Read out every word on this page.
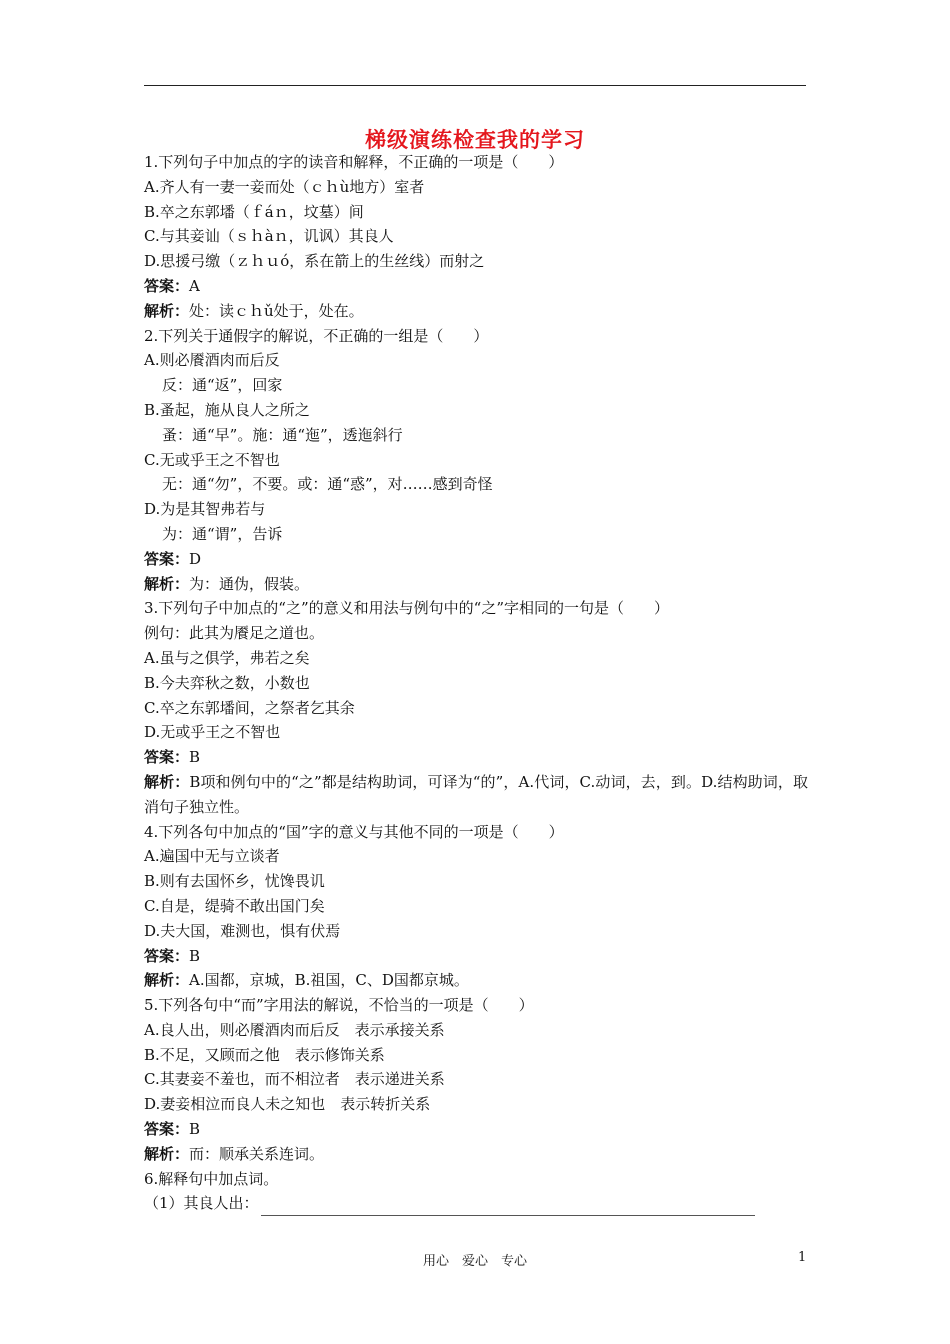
梯级演练检查我的学习
1.下列句子中加点的字的读音和解释，不正确的一项是（　　）
A.齐人有一妻一妾而处（ｃｈù地方）室者
B.卒之东郭墦（ｆáｎ，坟墓）间
C.与其妾讪（ｓｈàｎ，讥讽）其良人
D.思援弓缴（ｚｈｕó，系在箭上的生丝线）而射之
答案：A
解析：处：读ｃｈǔ处于，处在。
2.下列关于通假字的解说，不正确的一组是（　　）
A.则必餍酒肉而后反
反：通“返”，回家
B.蚤起，施从良人之所之
蚤：通“早”。施：通“迤”，透迤斜行
C.无或乎王之不智也
无：通“勿”，不要。或：通“惑”，对……感到奇怪
D.为是其智弗若与
为：通“谓”，告诉
答案：D
解析：为：通伪，假装。
3.下列句子中加点的“之”的意义和用法与例句中的“之”字相同的一句是（　　）
例句：此其为餍足之道也。
A.虽与之俱学，弗若之矣
B.今夫弈秋之数，小数也
C.卒之东郭墦间，之祭者乞其余
D.无或乎王之不智也
答案：B
解析：B项和例句中的“之”都是结构助词，可译为“的”，A.代词，C.动词，去，到。D.结构助词，取消句子独立性。
4.下列各句中加点的“国”字的意义与其他不同的一项是（　　）
A.遍国中无与立谈者
B.则有去国怀乡，忧馋畏讥
C.自是，缇骑不敢出国门矣
D.夫大国，难测也，惧有伏焉
答案：B
解析：A.国都，京城，B.祖国，C、D国都京城。
5.下列各句中“而”字用法的解说，不恰当的一项是（　　）
A.良人出，则必餍酒肉而后反　表示承接关系
B.不足，又顾而之他　表示修饰关系
C.其妻妾不羞也，而不相泣者　表示递进关系
D.妻妾相泣而良人未之知也　表示转折关系
答案：B
解析：而：顺承关系连词。
6.解释句中加点词。
（1）其良人出：
用心　爱心　专心	1
